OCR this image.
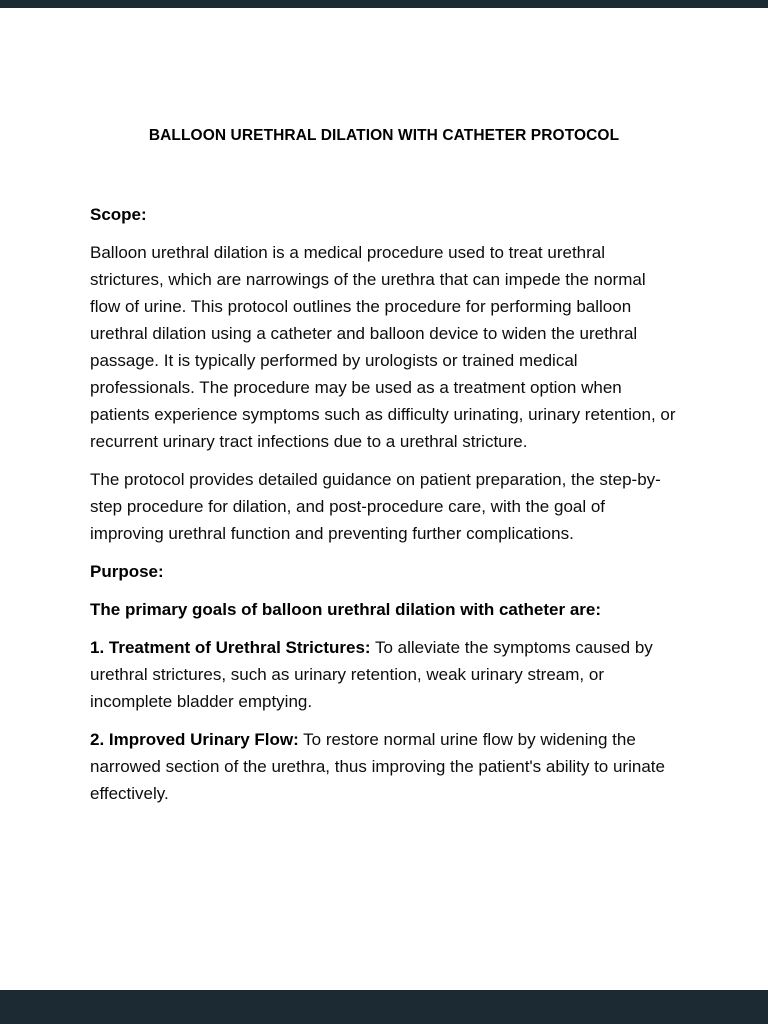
BALLOON URETHRAL DILATION WITH CATHETER PROTOCOL

Scope:

Balloon urethral dilation is a medical procedure used to treat urethral strictures, which are narrowings of the urethra that can impede the normal flow of urine. This protocol outlines the procedure for performing balloon urethral dilation using a catheter and balloon device to widen the urethral passage. It is typically performed by urologists or trained medical professionals. The procedure may be used as a treatment option when patients experience symptoms such as difficulty urinating, urinary retention, or recurrent urinary tract infections due to a urethral stricture.

The protocol provides detailed guidance on patient preparation, the step-by-step procedure for dilation, and post-procedure care, with the goal of improving urethral function and preventing further complications.

Purpose:

The primary goals of balloon urethral dilation with catheter are:

1. Treatment of Urethral Strictures: To alleviate the symptoms caused by urethral strictures, such as urinary retention, weak urinary stream, or incomplete bladder emptying.

2. Improved Urinary Flow: To restore normal urine flow by widening the narrowed section of the urethra, thus improving the patient's ability to urinate effectively.
